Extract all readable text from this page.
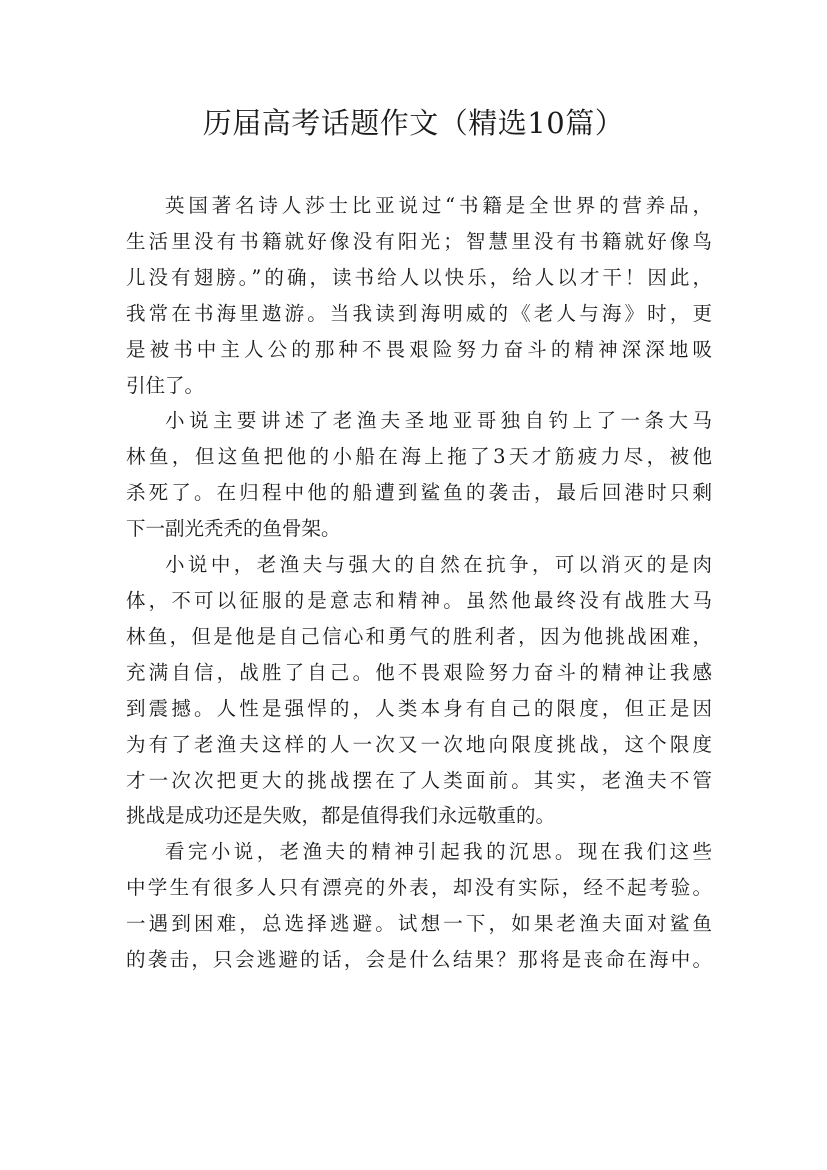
历届高考话题作文（精选10篇）

英国著名诗人莎士比亚说过“书籍是全世界的营养品，
生活里没有书籍就好像没有阳光；智慧里没有书籍就好像鸟
儿没有翅膀。”的确，读书给人以快乐，给人以才干！因此，
我常在书海里遨游。当我读到海明威的《老人与海》时，更
是被书中主人公的那种不畏艰险努力奋斗的精神深深地吸
引住了。

小说主要讲述了老渔夫圣地亚哥独自钓上了一条大马
林鱼，但这鱼把他的小船在海上拖了3天才筋疲力尽，被他
杀死了。在归程中他的船遭到鲨鱼的袭击，最后回港时只剩
下一副光秃秃的鱼骨架。

小说中，老渔夫与强大的自然在抗争，可以消灭的是肉
体，不可以征服的是意志和精神。虽然他最终没有战胜大马
林鱼，但是他是自己信心和勇气的胜利者，因为他挑战困难，
充满自信，战胜了自己。他不畏艰险努力奋斗的精神让我感
到震撼。人性是强悍的，人类本身有自己的限度，但正是因
为有了老渔夫这样的人一次又一次地向限度挑战，这个限度
才一次次把更大的挑战摆在了人类面前。其实，老渔夫不管
挑战是成功还是失败，都是值得我们永远敬重的。

看完小说，老渔夫的精神引起我的沉思。现在我们这些
中学生有很多人只有漂亮的外表，却没有实际，经不起考验。
一遇到困难，总选择逃避。试想一下，如果老渔夫面对鲨鱼
的袭击，只会逃避的话，会是什么结果？那将是丧命在海中。
